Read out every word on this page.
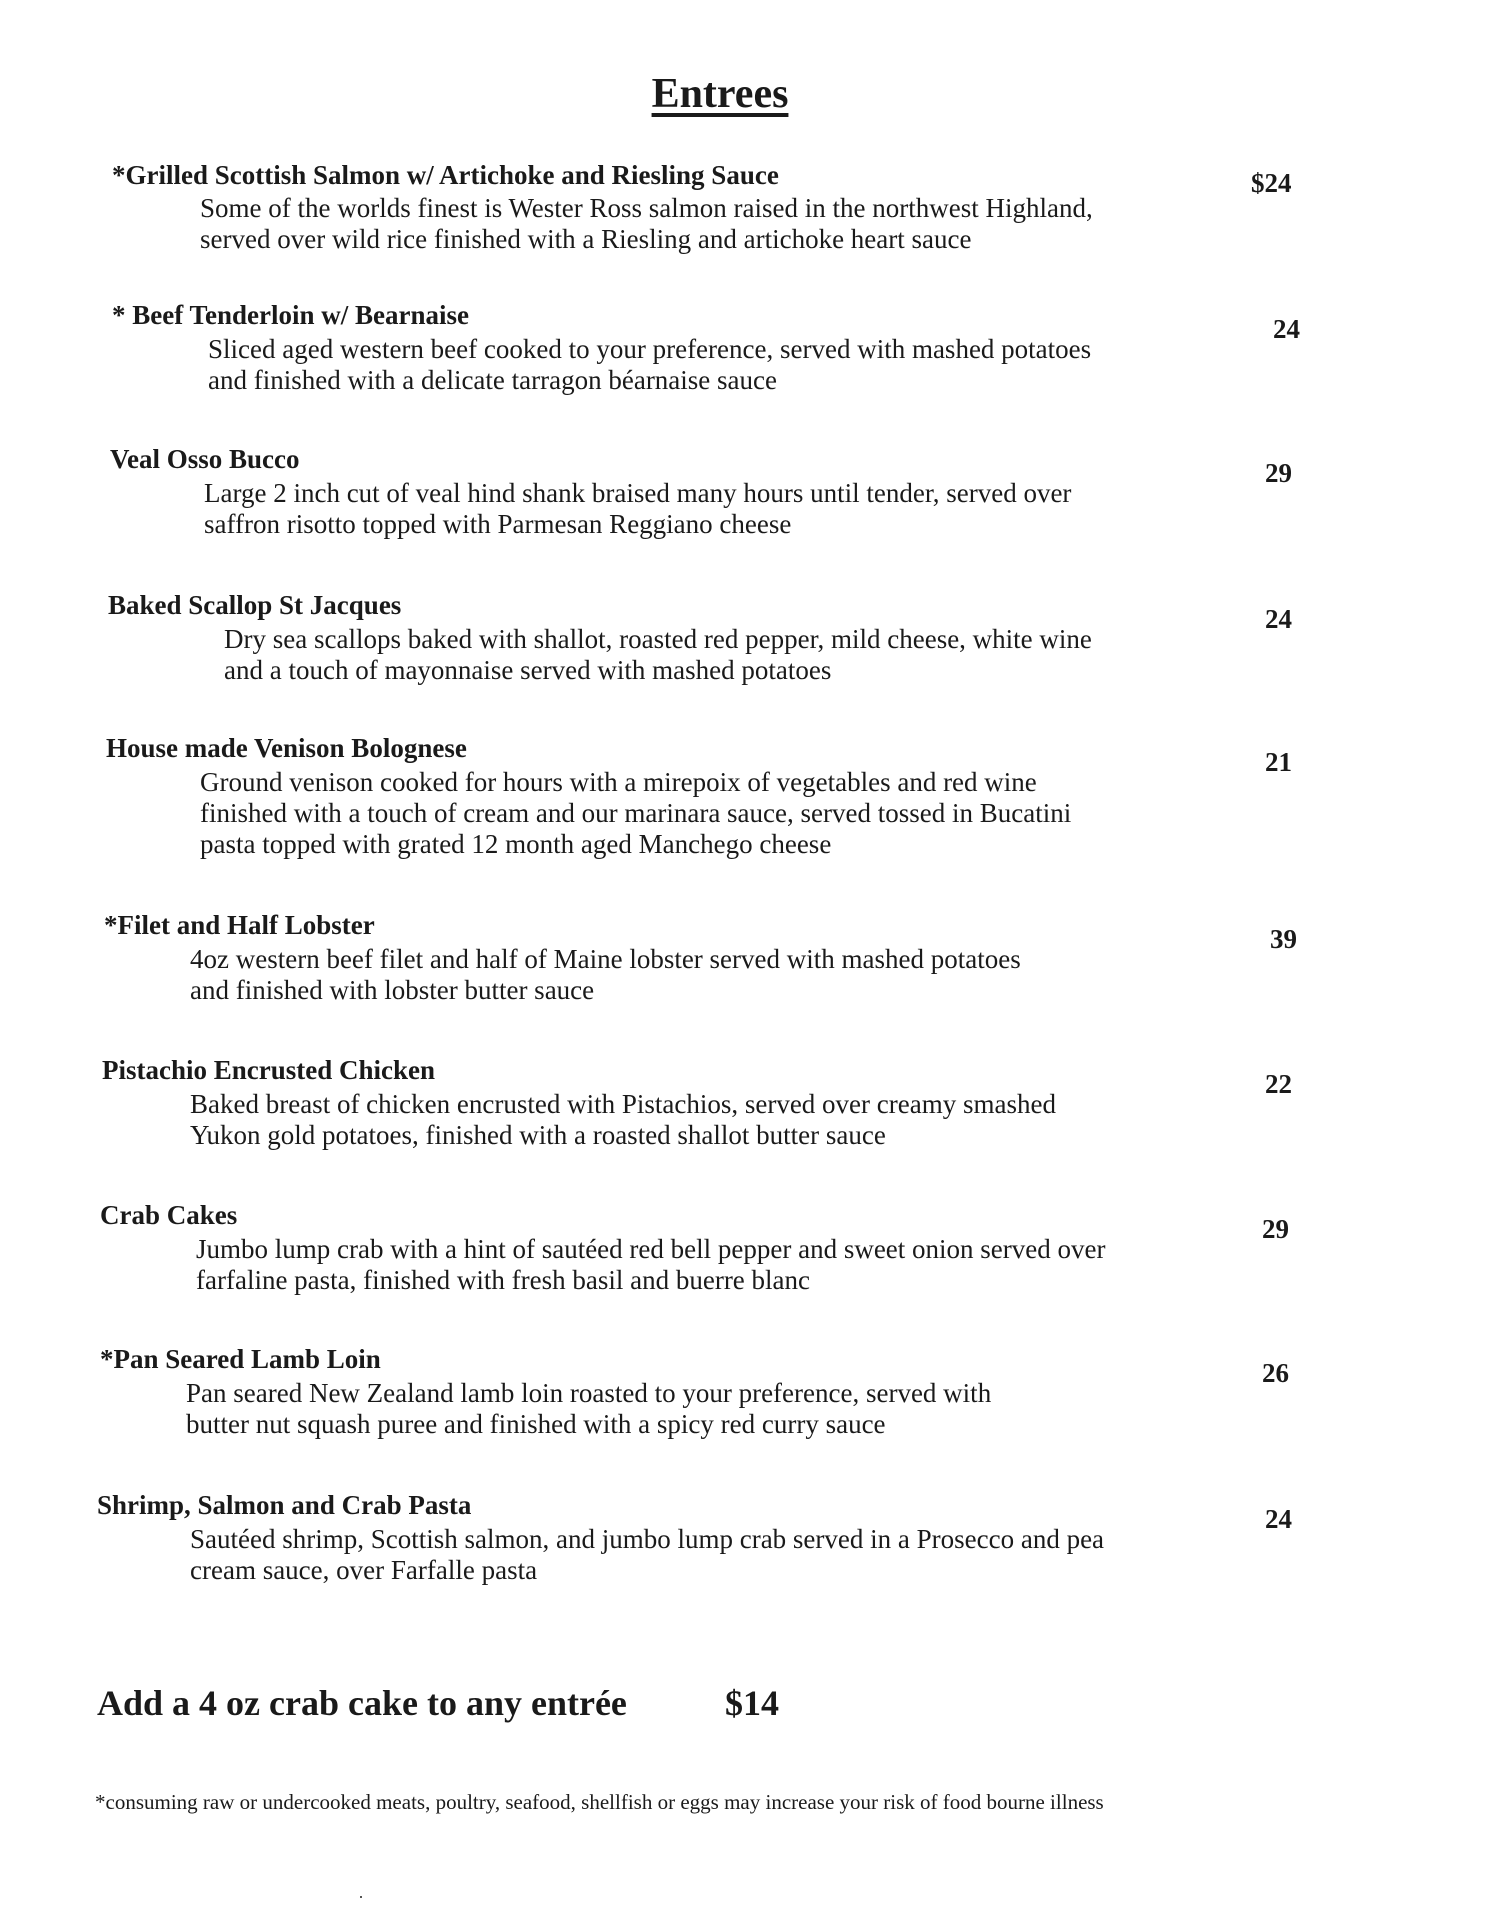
Entrees
*Grilled Scottish Salmon w/ Artichoke and Riesling Sauce	$24
Some of the worlds finest is Wester Ross salmon raised in the northwest Highland,
served over wild rice finished with a Riesling and artichoke heart sauce
* Beef Tenderloin w/ Bearnaise	24
Sliced aged western beef cooked to your preference, served with mashed potatoes
and finished with a delicate tarragon béarnaise sauce
Veal Osso Bucco	29
Large 2 inch cut of veal hind shank braised many hours until tender, served over
saffron risotto topped with Parmesan Reggiano cheese
Baked Scallop St Jacques	24
Dry sea scallops baked with shallot, roasted red pepper, mild cheese, white wine
and a touch of mayonnaise served with mashed potatoes
House made Venison Bolognese	21
Ground venison cooked for hours with a mirepoix of vegetables and red wine
finished with a touch of cream and our marinara sauce, served tossed in Bucatini
pasta topped with grated 12 month aged Manchego cheese
*Filet and Half Lobster	39
4oz western beef filet and half of Maine lobster served with mashed potatoes
and finished with lobster butter sauce
Pistachio Encrusted Chicken	22
Baked breast of chicken encrusted with Pistachios, served over creamy smashed
Yukon gold potatoes, finished with a roasted shallot butter sauce
Crab Cakes	29
Jumbo lump crab with a hint of sautéed red bell pepper and sweet onion served over
farfaline pasta, finished with fresh basil and buerre blanc
*Pan Seared Lamb Loin	26
Pan seared New Zealand lamb loin roasted to your preference, served with
butter nut squash puree and finished with a spicy red curry sauce
Shrimp, Salmon and Crab Pasta	24
Sautéed shrimp, Scottish salmon, and jumbo lump crab served in a Prosecco and pea
cream sauce, over Farfalle pasta
Add a 4 oz crab cake to any entrée	$14
*consuming raw or undercooked meats, poultry, seafood, shellfish or eggs may increase your risk of food bourne illness
